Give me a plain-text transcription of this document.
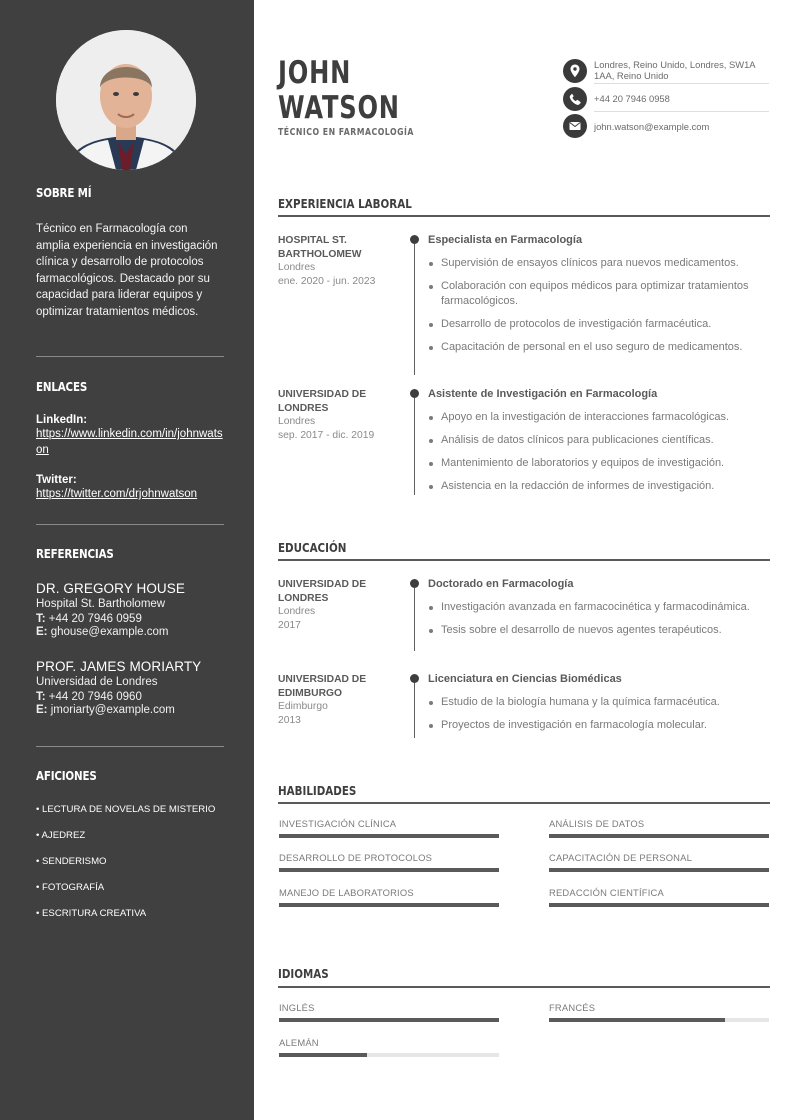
SOBRE MÍ
Técnico en Farmacología con amplia experiencia en investigación clínica y desarrollo de protocolos farmacológicos. Destacado por su capacidad para liderar equipos y optimizar tratamientos médicos.
ENLACES
LinkedIn:
https://www.linkedin.com/in/johnwatson
Twitter:
https://twitter.com/drjohnwatson
REFERENCIAS
DR. GREGORY HOUSE
Hospital St. Bartholomew
T: +44 20 7946 0959
E: ghouse@example.com
PROF. JAMES MORIARTY
Universidad de Londres
T: +44 20 7946 0960
E: jmoriarty@example.com
AFICIONES
• LECTURA DE NOVELAS DE MISTERIO
• AJEDREZ
• SENDERISMO
• FOTOGRAFÍA
• ESCRITURA CREATIVA
JOHN
WATSON
TÉCNICO EN FARMACOLOGÍA
Londres, Reino Unido, Londres, SW1A 1AA, Reino Unido
+44 20 7946 0958
john.watson@example.com
EXPERIENCIA LABORAL
HOSPITAL ST. BARTHOLOMEW
Londres
ene. 2020 - jun. 2023
Especialista en Farmacología
Supervisión de ensayos clínicos para nuevos medicamentos.
Colaboración con equipos médicos para optimizar tratamientos farmacológicos.
Desarrollo de protocolos de investigación farmacéutica.
Capacitación de personal en el uso seguro de medicamentos.
UNIVERSIDAD DE LONDRES
Londres
sep. 2017 - dic. 2019
Asistente de Investigación en Farmacología
Apoyo en la investigación de interacciones farmacológicas.
Análisis de datos clínicos para publicaciones científicas.
Mantenimiento de laboratorios y equipos de investigación.
Asistencia en la redacción de informes de investigación.
EDUCACIÓN
UNIVERSIDAD DE LONDRES
Londres
2017
Doctorado en Farmacología
Investigación avanzada en farmacocinética y farmacodinámica.
Tesis sobre el desarrollo de nuevos agentes terapéuticos.
UNIVERSIDAD DE EDIMBURGO
Edimburgo
2013
Licenciatura en Ciencias Biomédicas
Estudio de la biología humana y la química farmacéutica.
Proyectos de investigación en farmacología molecular.
HABILIDADES
INVESTIGACIÓN CLÍNICA	ANÁLISIS DE DATOS
DESARROLLO DE PROTOCOLOS	CAPACITACIÓN DE PERSONAL
MANEJO DE LABORATORIOS	REDACCIÓN CIENTÍFICA
IDIOMAS
INGLÉS	FRANCÉS
ALEMÁN
